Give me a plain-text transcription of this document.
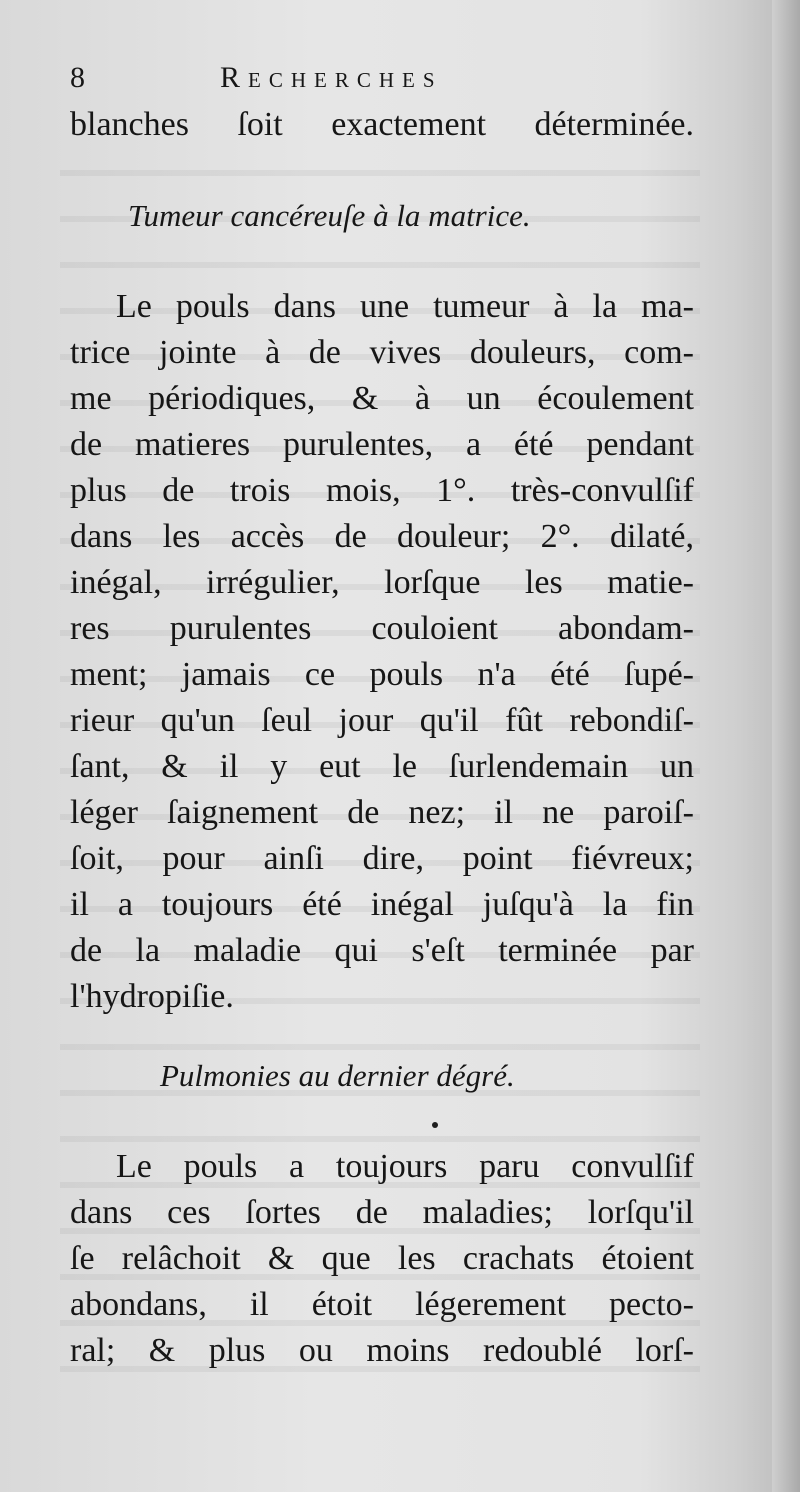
8	Recherches

blanches ſoit exactement déterminée.

Tumeur cancéreuſe à la matrice.

Le pouls dans une tumeur à la ma-

trice jointe à de vives douleurs, com-

me périodiques, & à un écoulement

de matieres purulentes, a été pendant

plus de trois mois, 1°. très-convulſif

dans les accès de douleur; 2°. dilaté,

inégal, irrégulier, lorſque les matie-

res purulentes couloient abondam-

ment; jamais ce pouls n'a été ſupé-

rieur qu'un ſeul jour qu'il fût rebondiſ-

ſant, & il y eut le ſurlendemain un

léger ſaignement de nez; il ne paroiſ-

ſoit, pour ainſi dire, point fiévreux;

il a toujours été inégal juſqu'à la fin

de la maladie qui s'eſt terminée par

l'hydropiſie.

Pulmonies au dernier dégré.

Le pouls a toujours paru convulſif

dans ces ſortes de maladies; lorſqu'il

ſe relâchoit & que les crachats étoient

abondans, il étoit légerement pecto-

ral; & plus ou moins redoublé lorſ-
